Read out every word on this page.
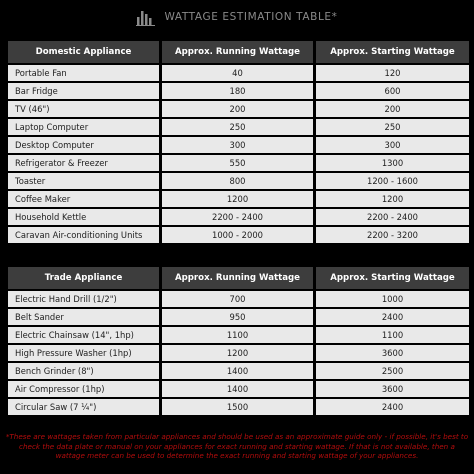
WATTAGE ESTIMATION TABLE*
Domestic Appliance	Approx. Running Wattage	Approx. Starting Wattage
Portable Fan	40	120
Bar Fridge	180	600
TV (46")	200	200
Laptop Computer	250	250
Desktop Computer	300	300
Refrigerator & Freezer	550	1300
Toaster	800	1200 - 1600
Coffee Maker	1200	1200
Household Kettle	2200 - 2400	2200 - 2400
Caravan Air-conditioning Units	1000 - 2000	2200 - 3200
Trade Appliance	Approx. Running Wattage	Approx. Starting Wattage
Electric Hand Drill (1/2")	700	1000
Belt Sander	950	2400
Electric Chainsaw (14", 1hp)	1100	1100
High Pressure Washer (1hp)	1200	3600
Bench Grinder (8")	1400	2500
Air Compressor (1hp)	1400	3600
Circular Saw (7 ¼")	1500	2400
*These are wattages taken from particular appliances and should be used as an approximate guide only - if possible, it's best to check the data plate or manual on your appliances for exact running and starting wattage. If that is not available, then a wattage meter can be used to determine the exact running and starting wattage of your appliances.
